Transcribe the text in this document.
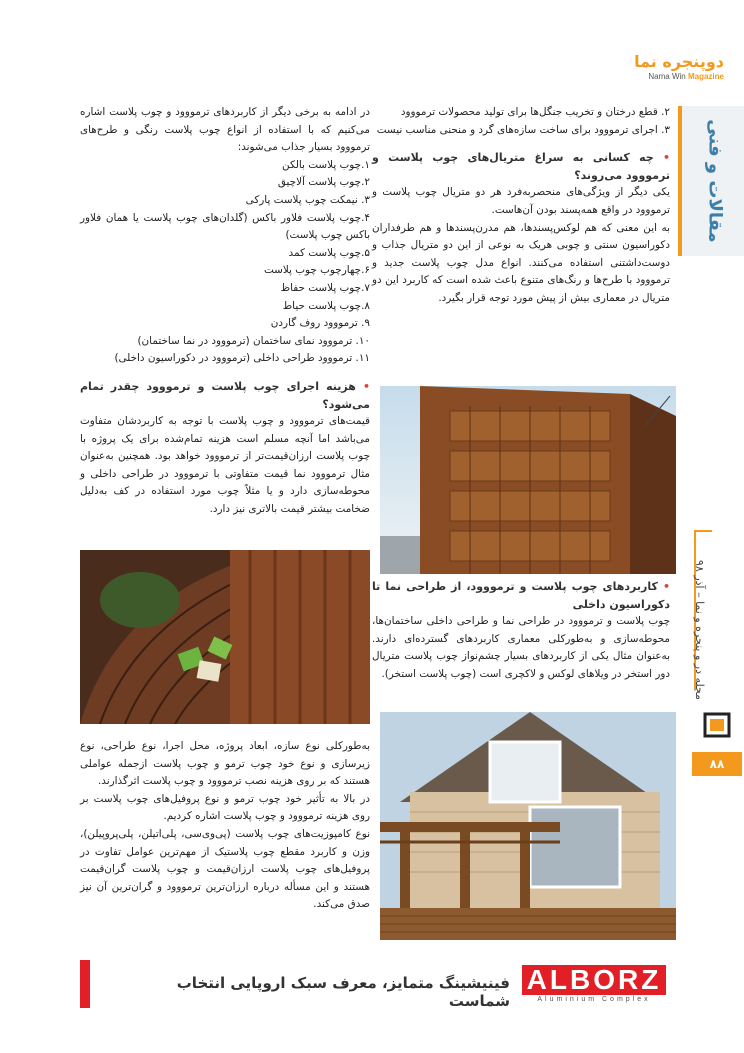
دوپنجره نما
Nama Win Magazine
مقالات و فنی
مجله در و پنجره و نما – آذر ۹۸
۸۸

۲. قطع درختان و تخریب جنگل‌ها برای تولید محصولات ترمووود

۳. اجرای ترمووود برای ساخت سازه‌های گرد و منحنی مناسب نیست

• چه کسانی به سراغ متریال‌های چوب پلاست و ترمووود می‌روند؟

یکی دیگر از ویژگی‌های منحصربه‌فرد هر دو متریال چوب پلاست و ترمووود در واقع همه‌پسند بودن آن‌هاست.

به این معنی که هم لوکس‌پسندها، هم مدرن‌پسندها و هم طرفداران دکوراسیون سنتی و چوبی هریک به نوعی از این دو متریال جذاب و دوست‌داشتنی استفاده می‌کنند. انواع مدل چوب پلاست جدید و ترمووود با طرح‌ها و رنگ‌های متنوع باعث شده است که کاربرد این دو متریال در معماری بیش از پیش مورد توجه قرار بگیرد.

• کاربردهای چوب پلاست و ترمووود، از طراحی نما تا دکوراسیون داخلی

چوب پلاست و ترمووود در طراحی نما و طراحی داخلی ساختمان‌ها، محوطه‌سازی و به‌طورکلی معماری کاربردهای گسترده‌ای دارند. به‌عنوان مثال یکی از کاربردهای بسیار چشم‌نواز چوب پلاست متریال دور استخر در ویلاهای لوکس و لاکچری است (چوب پلاست استخر).

در ادامه به برخی دیگر از کاربردهای ترمووود و چوب پلاست اشاره می‌کنیم که با استفاده از انواع چوب پلاست رنگی و طرح‌های ترمووود بسیار جذاب می‌شوند:

۱.چوب پلاست بالکن
۲.چوب پلاست آلاچیق
۳. نیمکت چوب پلاست پارکی
۴.چوب پلاست فلاور باکس (گلدان‌های چوب پلاست یا همان فلاور باکس چوب پلاست)
۵.چوب پلاست کمد
۶.چهارچوب چوب پلاست
۷.چوب پلاست حفاظ
۸.چوب پلاست حیاط
۹. ترمووود روف گاردن
۱۰. ترمووود نمای ساختمان (ترمووود در نما ساختمان)
۱۱. ترمووود طراحی داخلی (ترمووود در دکوراسیون داخلی)

• هزینه اجرای چوب پلاست و ترمووود چقدر تمام می‌شود؟

قیمت‌های ترمووود و چوب پلاست با توجه به کاربردشان متفاوت می‌باشد اما آنچه مسلم است هزینه تمام‌شده برای یک پروژه با چوب پلاست ارزان‌قیمت‌تر از ترمووود خواهد بود. همچنین به‌عنوان مثال ترمووود نما قیمت متفاوتی با ترمووود در طراحی داخلی و محوطه‌سازی دارد و یا مثلاً چوب مورد استفاده در کف به‌دلیل ضخامت بیشتر قیمت بالاتری نیز دارد.

به‌طورکلی نوع سازه، ابعاد پروژه، محل اجرا، نوع طراحی، نوع زیرسازی و نوع خود چوب ترمو و چوب پلاست ازجمله عواملی هستند که بر روی هزینه نصب ترمووود و چوب پلاست اثرگذارند.

در بالا به تأثیر خود چوب ترمو و نوع پروفیل‌های چوب پلاست بر روی هزینه ترمووود و چوب پلاست اشاره کردیم.

نوع کامپوزیت‌های چوب پلاست (پی‌وی‌سی، پلی‌اتیلن، پلی‌پروپیلن)، وزن و کاربرد مقطع چوب پلاستیک از مهم‌ترین عوامل تفاوت در پروفیل‌های چوب پلاست ارزان‌قیمت و چوب پلاست گران‌قیمت هستند و این مسأله درباره ارزان‌ترین ترمووود و گران‌ترین آن نیز صدق می‌کند.

فینیشینگ متمایز، معرف سبک اروپایی انتخاب شماست
ALBORZ
Aluminium Complex
